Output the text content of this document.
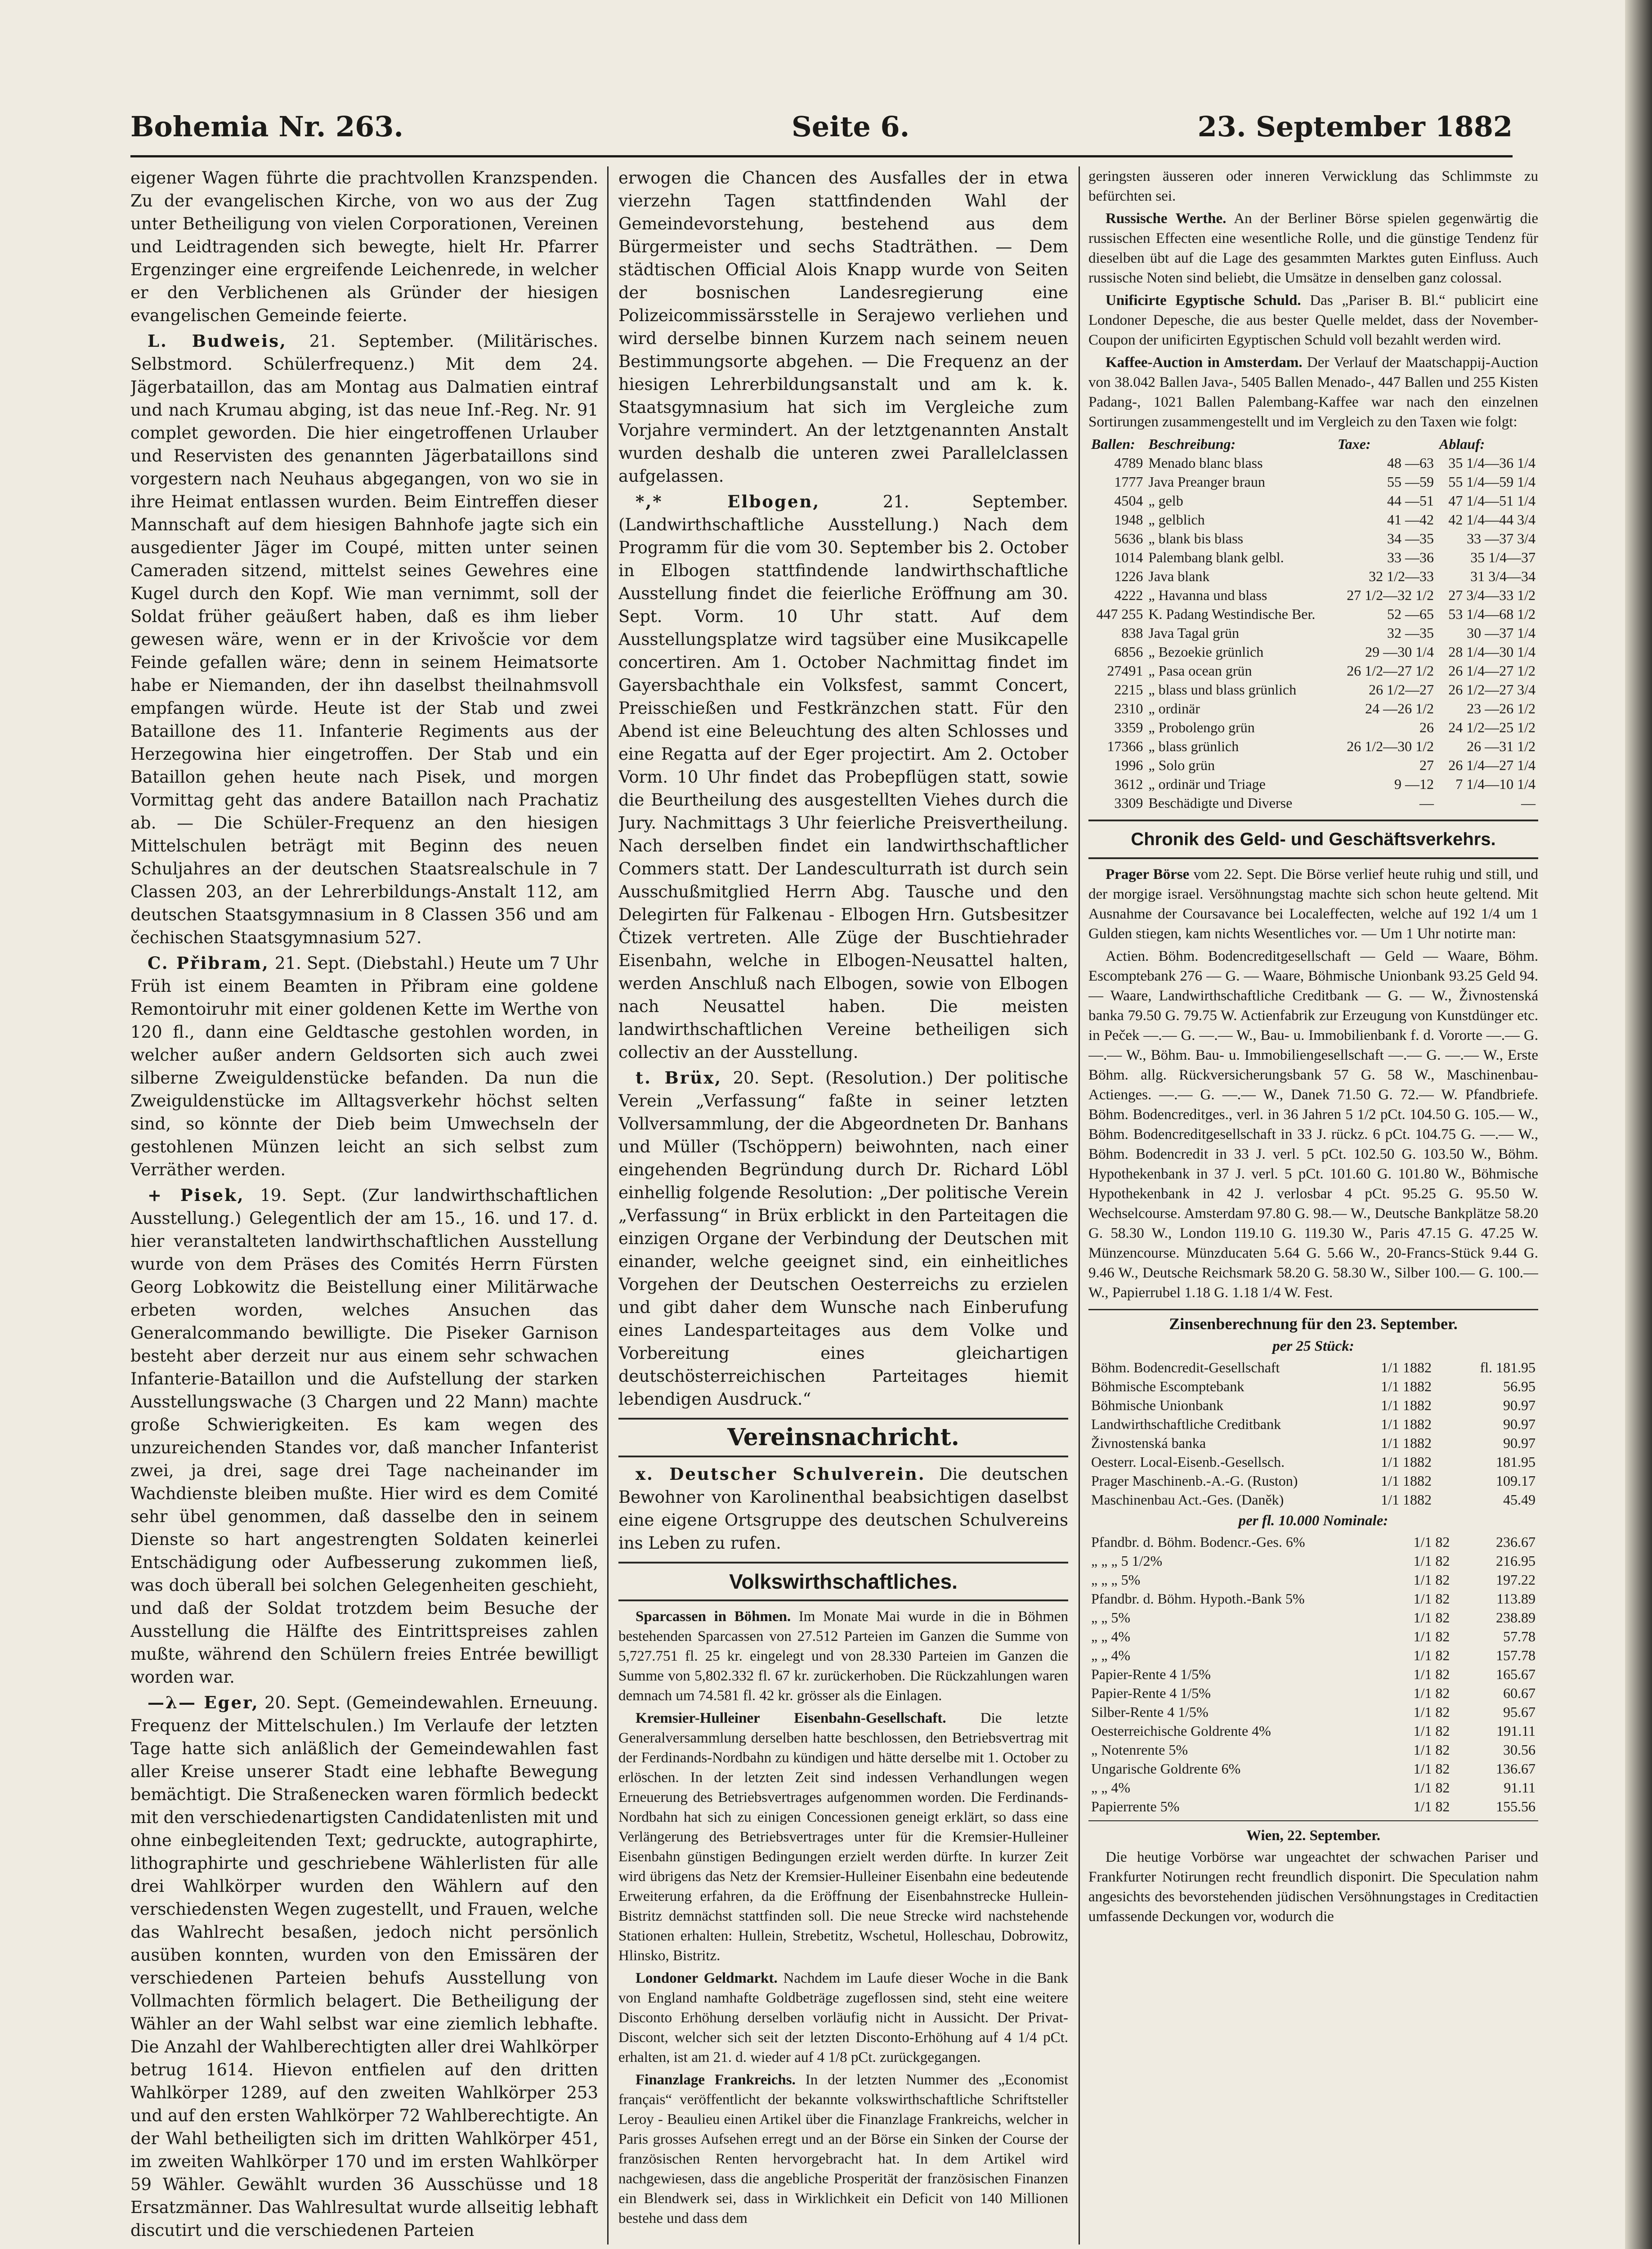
Bohemia Nr. 263.	Seite 6.	23. September 1882

eigener Wagen führte die prachtvollen Kranzspenden. Zu der evangelischen Kirche, von wo aus der Zug unter Betheiligung von vielen Corporationen, Vereinen und Leidtragenden sich bewegte, hielt Hr. Pfarrer Ergenzinger eine ergreifende Leichenrede, in welcher er den Verblichenen als Gründer der hiesigen evangelischen Gemeinde feierte.

L. Budweis, 21. September. (Militärisches. Selbstmord. Schülerfrequenz.) Mit dem 24. Jägerbataillon, das am Montag aus Dalmatien eintraf und nach Krumau abging, ist das neue Inf.-Reg. Nr. 91 complet geworden. Die hier eingetroffenen Urlauber und Reservisten des genannten Jägerbataillons sind vorgestern nach Neuhaus abgegangen, von wo sie in ihre Heimat entlassen wurden. Beim Eintreffen dieser Mannschaft auf dem hiesigen Bahnhofe jagte sich ein ausgedienter Jäger im Coupé, mitten unter seinen Cameraden sitzend, mittelst seines Gewehres eine Kugel durch den Kopf. Wie man vernimmt, soll der Soldat früher geäußert haben, daß es ihm lieber gewesen wäre, wenn er in der Krivošcie vor dem Feinde gefallen wäre; denn in seinem Heimatsorte habe er Niemanden, der ihn daselbst theilnahmsvoll empfangen würde. Heute ist der Stab und zwei Bataillone des 11. Infanterie Regiments aus der Herzegowina hier eingetroffen. Der Stab und ein Bataillon gehen heute nach Pisek, und morgen Vormittag geht das andere Bataillon nach Prachatiz ab. — Die Schüler-Frequenz an den hiesigen Mittelschulen beträgt mit Beginn des neuen Schuljahres an der deutschen Staatsrealschule in 7 Classen 203, an der Lehrerbildungs-Anstalt 112, am deutschen Staatsgymnasium in 8 Classen 356 und am čechischen Staatsgymnasium 527.

C. Přibram, 21. Sept. (Diebstahl.) Heute um 7 Uhr Früh ist einem Beamten in Přibram eine goldene Remontoiruhr mit einer goldenen Kette im Werthe von 120 fl., dann eine Geldtasche gestohlen worden, in welcher außer andern Geldsorten sich auch zwei silberne Zweiguldenstücke befanden. Da nun die Zweiguldenstücke im Alltagsverkehr höchst selten sind, so könnte der Dieb beim Umwechseln der gestohlenen Münzen leicht an sich selbst zum Verräther werden.

+ Pisek, 19. Sept. (Zur landwirthschaftlichen Ausstellung.) Gelegentlich der am 15., 16. und 17. d. hier veranstalteten landwirthschaftlichen Ausstellung wurde von dem Präses des Comités Herrn Fürsten Georg Lobkowitz die Beistellung einer Militärwache erbeten worden, welches Ansuchen das Generalcommando bewilligte. Die Piseker Garnison besteht aber derzeit nur aus einem sehr schwachen Infanterie-Bataillon und die Aufstellung der starken Ausstellungswache (3 Chargen und 22 Mann) machte große Schwierigkeiten. Es kam wegen des unzureichenden Standes vor, daß mancher Infanterist zwei, ja drei, sage drei Tage nacheinander im Wachdienste bleiben mußte. Hier wird es dem Comité sehr übel genommen, daß dasselbe den in seinem Dienste so hart angestrengten Soldaten keinerlei Entschädigung oder Aufbesserung zukommen ließ, was doch überall bei solchen Gelegenheiten geschieht, und daß der Soldat trotzdem beim Besuche der Ausstellung die Hälfte des Eintrittspreises zahlen mußte, während den Schülern freies Entrée bewilligt worden war.

—λ— Eger, 20. Sept. (Gemeindewahlen. Erneuung. Frequenz der Mittelschulen.) Im Verlaufe der letzten Tage hatte sich anläßlich der Gemeindewahlen fast aller Kreise unserer Stadt eine lebhafte Bewegung bemächtigt. Die Straßenecken waren förmlich bedeckt mit den verschiedenartigsten Candidatenlisten mit und ohne einbegleitenden Text; gedruckte, autographirte, lithographirte und geschriebene Wählerlisten für alle drei Wahlkörper wurden den Wählern auf den verschiedensten Wegen zugestellt, und Frauen, welche das Wahlrecht besaßen, jedoch nicht persönlich ausüben konnten, wurden von den Emissären der verschiedenen Parteien behufs Ausstellung von Vollmachten förmlich belagert. Die Betheiligung der Wähler an der Wahl selbst war eine ziemlich lebhafte. Die Anzahl der Wahlberechtigten aller drei Wahlkörper betrug 1614. Hievon entfielen auf den dritten Wahlkörper 1289, auf den zweiten Wahlkörper 253 und auf den ersten Wahlkörper 72 Wahlberechtigte. An der Wahl betheiligten sich im dritten Wahlkörper 451, im zweiten Wahlkörper 170 und im ersten Wahlkörper 59 Wähler. Gewählt wurden 36 Ausschüsse und 18 Ersatzmänner. Das Wahlresultat wurde allseitig lebhaft discutirt und die verschiedenen Parteien

erwogen die Chancen des Ausfalles der in etwa vierzehn Tagen stattfindenden Wahl der Gemeindevorstehung, bestehend aus dem Bürgermeister und sechs Stadträthen. — Dem städtischen Official Alois Knapp wurde von Seiten der bosnischen Landesregierung eine Polizeicommissärsstelle in Serajewo verliehen und wird derselbe binnen Kurzem nach seinem neuen Bestimmungsorte abgehen. — Die Frequenz an der hiesigen Lehrerbildungsanstalt und am k. k. Staatsgymnasium hat sich im Vergleiche zum Vorjahre vermindert. An der letztgenannten Anstalt wurden deshalb die unteren zwei Parallelclassen aufgelassen.

*,* Elbogen,	21. September. (Landwirthschaftliche Ausstellung.) Nach dem Programm für die vom 30. September bis 2. October in Elbogen stattfindende landwirthschaftliche Ausstellung findet die feierliche Eröffnung am 30. Sept. Vorm. 10 Uhr statt. Auf dem Ausstellungsplatze wird tagsüber eine Musikcapelle concertiren. Am 1. October Nachmittag findet im Gayersbachthale ein Volksfest, sammt Concert, Preisschießen und Festkränzchen statt. Für den Abend ist eine Beleuchtung des alten Schlosses und eine Regatta auf der Eger projectirt. Am 2. October Vorm. 10 Uhr findet das Probepflügen statt, sowie die Beurtheilung des ausgestellten Viehes durch die Jury. Nachmittags 3 Uhr feierliche Preisvertheilung. Nach derselben findet ein landwirthschaftlicher Commers statt. Der Landesculturrath ist durch sein Ausschußmitglied Herrn Abg. Tausche und den Delegirten für Falkenau - Elbogen Hrn. Gutsbesitzer Čtizek vertreten. Alle Züge der Buschtiehrader Eisenbahn, welche in Elbogen-Neusattel halten, werden Anschluß nach Elbogen, sowie von Elbogen nach Neusattel haben. Die meisten landwirthschaftlichen Vereine betheiligen sich collectiv an der Ausstellung.

t. Brüx, 20. Sept. (Resolution.) Der politische Verein „Verfassung“ faßte in seiner letzten Vollversammlung, der die Abgeordneten Dr. Banhans und Müller (Tschöppern) beiwohnten, nach einer eingehenden Begründung durch Dr. Richard Löbl einhellig folgende Resolution: „Der politische Verein „Verfassung“ in Brüx erblickt in den Parteitagen die einzigen Organe der Verbindung der Deutschen mit einander, welche geeignet sind, ein einheitliches Vorgehen der Deutschen Oesterreichs zu erzielen und gibt daher dem Wunsche nach Einberufung eines Landesparteitages aus dem Volke und Vorbereitung eines gleichartigen deutschösterreichischen Parteitages hiemit lebendigen Ausdruck.“

Vereinsnachricht.

x. Deutscher Schulverein. Die deutschen Bewohner von Karolinenthal beabsichtigen daselbst eine eigene Ortsgruppe des deutschen Schulvereins ins Leben zu rufen.

Volkswirthschaftliches.

Sparcassen in Böhmen. Im Monate Mai wurde in die in Böhmen bestehenden Sparcassen von 27.512 Parteien im Ganzen die Summe von 5,727.751 fl. 25 kr. eingelegt und von 28.330 Parteien im Ganzen die Summe von 5,802.332 fl. 67 kr. zurückerhoben. Die Rückzahlungen waren demnach um 74.581 fl. 42 kr. grösser als die Einlagen.

Kremsier-Hulleiner Eisenbahn-Gesellschaft. Die letzte Generalversammlung derselben hatte beschlossen, den Betriebsvertrag mit der Ferdinands-Nordbahn zu kündigen und hätte derselbe mit 1. October zu erlöschen. In der letzten Zeit sind indessen Verhandlungen wegen Erneuerung des Betriebsvertrages aufgenommen worden. Die Ferdinands-Nordbahn hat sich zu einigen Concessionen geneigt erklärt, so dass eine Verlängerung des Betriebsvertrages unter für die Kremsier-Hulleiner Eisenbahn günstigen Bedingungen erzielt werden dürfte. In kurzer Zeit wird übrigens das Netz der Kremsier-Hulleiner Eisenbahn eine bedeutende Erweiterung erfahren, da die Eröffnung der Eisenbahnstrecke Hullein-Bistritz demnächst stattfinden soll. Die neue Strecke wird nachstehende Stationen erhalten: Hullein, Strebetitz, Wschetul, Holleschau, Dobrowitz, Hlinsko, Bistritz.

Londoner Geldmarkt. Nachdem im Laufe dieser Woche in die Bank von England namhafte Goldbeträge zugeflossen sind, steht eine weitere Disconto Erhöhung derselben vorläufig nicht in Aussicht. Der Privat-Discont, welcher sich seit der letzten Disconto-Erhöhung auf 4 1/4 pCt. erhalten, ist am 21. d. wieder auf 4 1/8 pCt. zurückgegangen.

Finanzlage Frankreichs. In der letzten Nummer des „Economist français“ veröffentlicht der bekannte volkswirthschaftliche Schriftsteller Leroy - Beaulieu einen Artikel über die Finanzlage Frankreichs, welcher in Paris grosses Aufsehen erregt und an der Börse ein Sinken der Course der französischen Renten hervorgebracht hat. In dem Artikel wird nachgewiesen, dass die angebliche Prosperität der französischen Finanzen ein Blendwerk sei, dass in Wirklichkeit ein Deficit von 140 Millionen bestehe und dass dem

geringsten äusseren oder inneren Verwicklung das Schlimmste zu befürchten sei.

Russische Werthe. An der Berliner Börse spielen gegenwärtig die russischen Effecten eine wesentliche Rolle, und die günstige Tendenz für dieselben übt auf die Lage des gesammten Marktes guten Einfluss. Auch russische Noten sind beliebt, die Umsätze in denselben ganz colossal.

Unificirte Egyptische Schuld. Das „Pariser B. Bl.“ publicirt eine Londoner Depesche, die aus bester Quelle meldet, dass der November-Coupon der unificirten Egyptischen Schuld voll bezahlt werden wird.

Kaffee-Auction in Amsterdam. Der Verlauf der Maatschappij-Auction von 38.042 Ballen Java-, 5405 Ballen Menado-, 447 Ballen und 255 Kisten Padang-, 1021 Ballen Palembang-Kaffee war nach den einzelnen Sortirungen zusammengestellt und im Vergleich zu den Taxen wie folgt:

Ballen:	Beschreibung:	Taxe:	Ablauf:
4789	Menado blanc blass	48 —63	35 1/4—36 1/4
1777	Java Preanger braun	55 —59	55 1/4—59 1/4
4504	„ gelb	44 —51	47 1/4—51 1/4
1948	„ gelblich	41 —42	42 1/4—44 3/4
5636	„ blank bis blass	34 —35	33 —37 3/4
1014	Palembang blank gelbl.	33 —36	35 1/4—37
1226	Java blank	32 1/2—33	31 3/4—34
4222	„ Havanna und blass	27 1/2—32 1/2	27 3/4—33 1/2
447 255	K. Padang Westindische Ber.	52 —65	53 1/4—68 1/2
838	Java Tagal grün	32 —35	30 —37 1/4
6856	„ Bezoekie grünlich	29 —30 1/4	28 1/4—30 1/4
27491	„ Pasa ocean grün	26 1/2—27 1/2	26 1/4—27 1/2
2215	„ blass und blass grünlich	26 1/2—27	26 1/2—27 3/4
2310	„ ordinär	24 —26 1/2	23 —26 1/2
3359	„ Probolengo grün	26	24 1/2—25 1/2
17366	„ blass grünlich	26 1/2—30 1/2	26 —31 1/2
1996	„ Solo grün	27	26 1/4—27 1/4
3612	„ ordinär und Triage	9 —12	7 1/4—10 1/4
3309	Beschädigte und Diverse	—	—
Chronik des Geld- und Geschäftsverkehrs.

Prager Börse vom 22. Sept. Die Börse verlief heute ruhig und still, und der morgige israel. Versöhnungstag machte sich schon heute geltend. Mit Ausnahme der Coursavance bei Localeffecten, welche auf 192 1/4 um 1 Gulden stiegen, kam nichts Wesentliches vor. — Um 1 Uhr notirte man:

Actien. Böhm. Bodencreditgesellschaft — Geld — Waare, Böhm. Escomptebank 276 — G. — Waare, Böhmische Unionbank 93.25 Geld 94.— Waare, Landwirthschaftliche Creditbank — G. — W., Živnostenská banka 79.50 G. 79.75 W. Actienfabrik zur Erzeugung von Kunstdünger etc. in Peček —.— G. —.— W., Bau- u. Immobilienbank f. d. Vororte —.— G. —.— W., Böhm. Bau- u. Immobiliengesellschaft —.— G. —.— W., Erste Böhm. allg. Rückversicherungsbank 57 G. 58 W., Maschinenbau-Actienges. —.— G. —.— W., Danek 71.50 G. 72.— W. Pfandbriefe. Böhm. Bodencreditges., verl. in 36 Jahren 5 1/2 pCt. 104.50 G. 105.— W., Böhm. Bodencreditgesellschaft in 33 J. rückz. 6 pCt. 104.75 G. —.— W., Böhm. Bodencredit in 33 J. verl. 5 pCt. 102.50 G. 103.50 W., Böhm. Hypothekenbank in 37 J. verl. 5 pCt. 101.60 G. 101.80 W., Böhmische Hypothekenbank in 42 J. verlosbar 4 pCt. 95.25 G. 95.50 W. Wechselcourse. Amsterdam 97.80 G. 98.— W., Deutsche Bankplätze 58.20 G. 58.30 W., London 119.10 G. 119.30 W., Paris 47.15 G. 47.25 W. Münzencourse. Münzducaten 5.64 G. 5.66 W., 20-Francs-Stück 9.44 G. 9.46 W., Deutsche Reichsmark 58.20 G. 58.30 W., Silber 100.— G. 100.— W., Papierrubel 1.18 G. 1.18 1/4 W. Fest.

Zinsenberechnung für den 23. September.
per 25 Stück:
Böhm. Bodencredit-Gesellschaft	1/1 1882	fl. 181.95
Böhmische Escomptebank	1/1 1882	56.95
Böhmische Unionbank	1/1 1882	90.97
Landwirthschaftliche Creditbank	1/1 1882	90.97
Živnostenská banka	1/1 1882	90.97
Oesterr. Local-Eisenb.-Gesellsch.	1/1 1882	181.95
Prager Maschinenb.-A.-G. (Ruston)	1/1 1882	109.17
Maschinenbau Act.-Ges. (Daněk)	1/1 1882	45.49
per fl. 10.000 Nominale:
Pfandbr. d. Böhm. Bodencr.-Ges. 6%	1/1 82	236.67
„ „ „ 5 1/2%	1/1 82	216.95
„ „ „ 5%	1/1 82	197.22
Pfandbr. d. Böhm. Hypoth.-Bank 5%	1/1 82	113.89
„ „ 5%	1/1 82	238.89
„ „ 4%	1/1 82	57.78
„ „ 4%	1/1 82	157.78
Papier-Rente 4 1/5%	1/1 82	165.67
Papier-Rente 4 1/5%	1/1 82	60.67
Silber-Rente 4 1/5%	1/1 82	95.67
Oesterreichische Goldrente 4%	1/1 82	191.11
„ Notenrente 5%	1/1 82	30.56
Ungarische Goldrente 6%	1/1 82	136.67
„ „ 4%	1/1 82	91.11
Papierrente 5%	1/1 82	155.56
Wien, 22. September.

Die heutige Vorbörse war ungeachtet der schwachen Pariser und Frankfurter Notirungen recht freundlich disponirt. Die Speculation nahm angesichts des bevorstehenden jüdischen Versöhnungstages in Creditactien umfassende Deckungen vor, wodurch die
